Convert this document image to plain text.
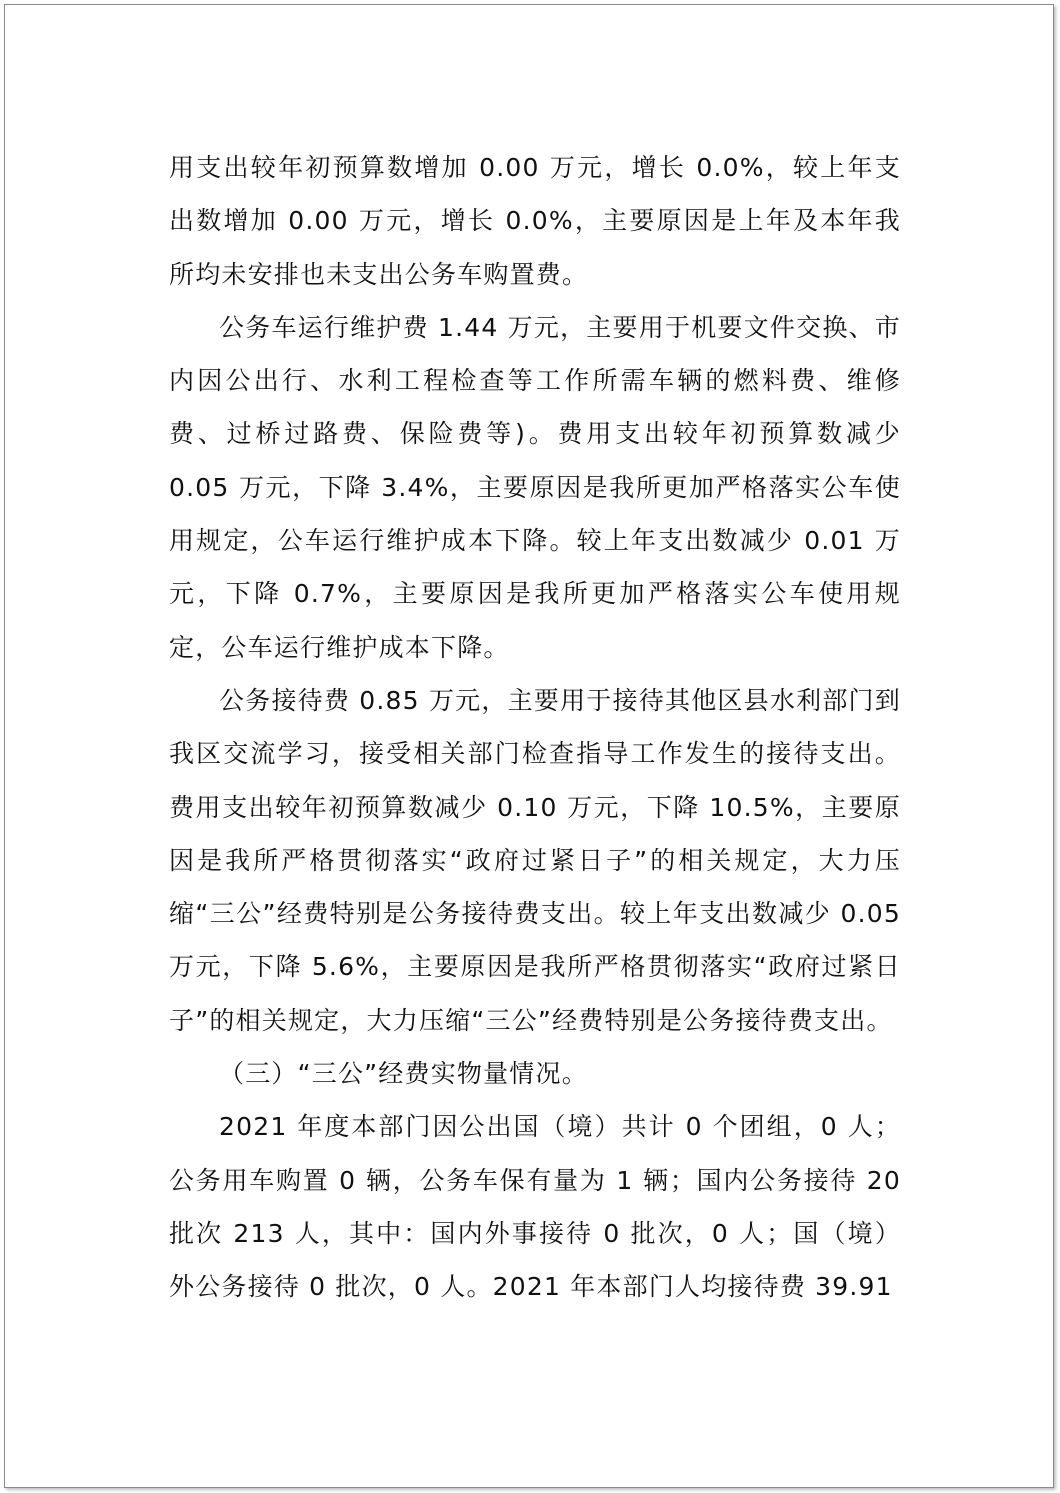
用支出较年初预算数增加 0.00 万元，增长 0.0%，较上年支出数增加 0.00 万元，增长 0.0%，主要原因是上年及本年我所均未安排也未支出公务车购置费。

公务车运行维护费 1.44 万元，主要用于机要文件交换、市内因公出行、水利工程检查等工作所需车辆的燃料费、维修费、过桥过路费、保险费等)。费用支出较年初预算数减少 0.05 万元，下降 3.4%，主要原因是我所更加严格落实公车使用规定，公车运行维护成本下降。较上年支出数减少 0.01 万元，下降 0.7%，主要原因是我所更加严格落实公车使用规定，公车运行维护成本下降。

公务接待费 0.85 万元，主要用于接待其他区县水利部门到我区交流学习，接受相关部门检查指导工作发生的接待支出。费用支出较年初预算数减少 0.10 万元，下降 10.5%，主要原因是我所严格贯彻落实“政府过紧日子”的相关规定，大力压缩“三公”经费特别是公务接待费支出。较上年支出数减少 0.05 万元，下降 5.6%，主要原因是我所严格贯彻落实“政府过紧日子”的相关规定，大力压缩“三公”经费特别是公务接待费支出。

（三）“三公”经费实物量情况。

2021 年度本部门因公出国（境）共计 0 个团组，0 人；公务用车购置 0 辆，公务车保有量为 1 辆；国内公务接待 20 批次 213 人，其中：国内外事接待 0 批次，0 人；国（境）外公务接待 0 批次，0 人。2021 年本部门人均接待费 39.91
